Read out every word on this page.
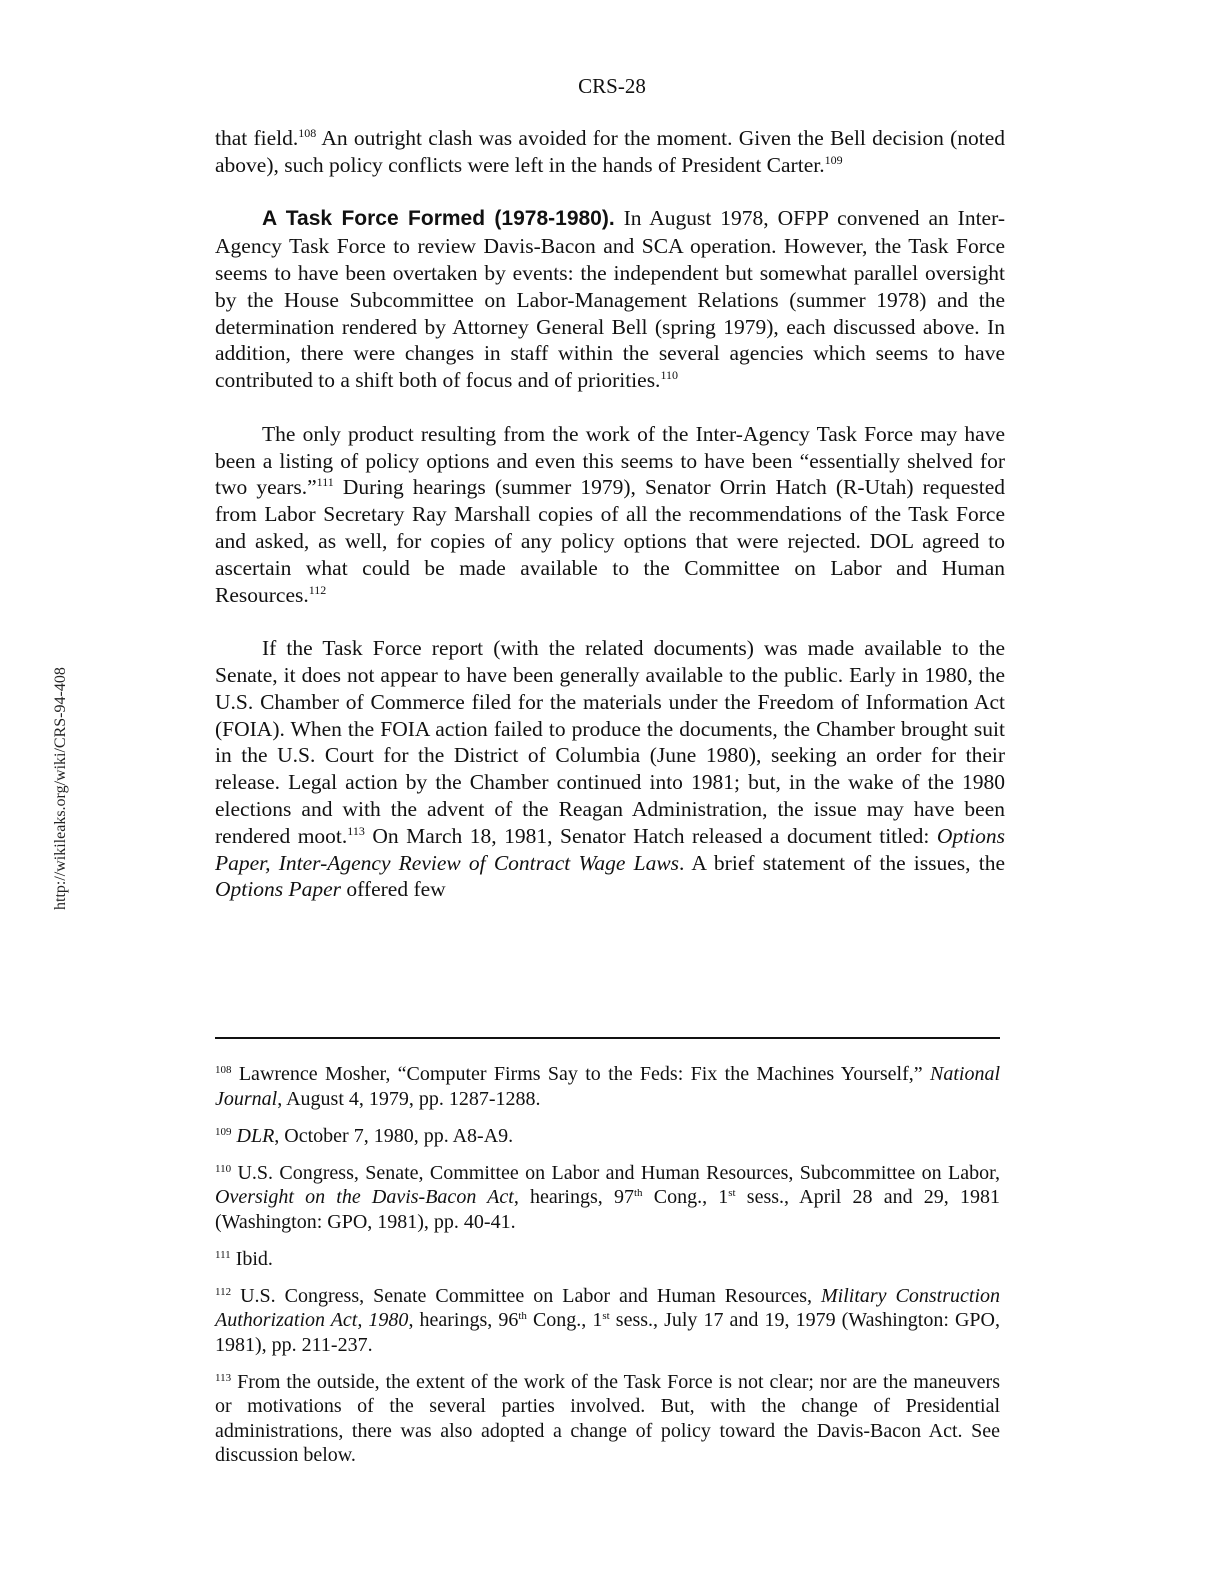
CRS-28
http://wikileaks.org/wiki/CRS-94-408

that field.$^{108}$ An outright clash was avoided for the moment. Given the Bell decision (noted above), such policy conflicts were left in the hands of President Carter.$^{109}$

A Task Force Formed (1978-1980). In August 1978, OFPP convened an Inter-Agency Task Force to review Davis-Bacon and SCA operation. However, the Task Force seems to have been overtaken by events: the independent but somewhat parallel oversight by the House Subcommittee on Labor-Management Relations (summer 1978) and the determination rendered by Attorney General Bell (spring 1979), each discussed above. In addition, there were changes in staff within the several agencies which seems to have contributed to a shift both of focus and of priorities.$^{110}$

The only product resulting from the work of the Inter-Agency Task Force may have been a listing of policy options and even this seems to have been “essentially shelved for two years.”$^{111}$ During hearings (summer 1979), Senator Orrin Hatch (R-Utah) requested from Labor Secretary Ray Marshall copies of all the recommendations of the Task Force and asked, as well, for copies of any policy options that were rejected. DOL agreed to ascertain what could be made available to the Committee on Labor and Human Resources.$^{112}$

If the Task Force report (with the related documents) was made available to the Senate, it does not appear to have been generally available to the public. Early in 1980, the U.S. Chamber of Commerce filed for the materials under the Freedom of Information Act (FOIA). When the FOIA action failed to produce the documents, the Chamber brought suit in the U.S. Court for the District of Columbia (June 1980), seeking an order for their release. Legal action by the Chamber continued into 1981; but, in the wake of the 1980 elections and with the advent of the Reagan Administration, the issue may have been rendered moot.$^{113}$ On March 18, 1981, Senator Hatch released a document titled: Options Paper, Inter-Agency Review of Contract Wage Laws. A brief statement of the issues, the Options Paper offered few

$^{108}$ Lawrence Mosher, “Computer Firms Say to the Feds: Fix the Machines Yourself,” National Journal, August 4, 1979, pp. 1287-1288.

$^{109}$ DLR, October 7, 1980, pp. A8-A9.

$^{110}$ U.S. Congress, Senate, Committee on Labor and Human Resources, Subcommittee on Labor, Oversight on the Davis-Bacon Act, hearings, 97th Cong., 1st sess., April 28 and 29, 1981 (Washington: GPO, 1981), pp. 40-41.

$^{111}$ Ibid.

$^{112}$ U.S. Congress, Senate Committee on Labor and Human Resources, Military Construction Authorization Act, 1980, hearings, 96th Cong., 1st sess., July 17 and 19, 1979 (Washington: GPO, 1981), pp. 211-237.

$^{113}$ From the outside, the extent of the work of the Task Force is not clear; nor are the maneuvers or motivations of the several parties involved. But, with the change of Presidential administrations, there was also adopted a change of policy toward the Davis-Bacon Act. See discussion below.
